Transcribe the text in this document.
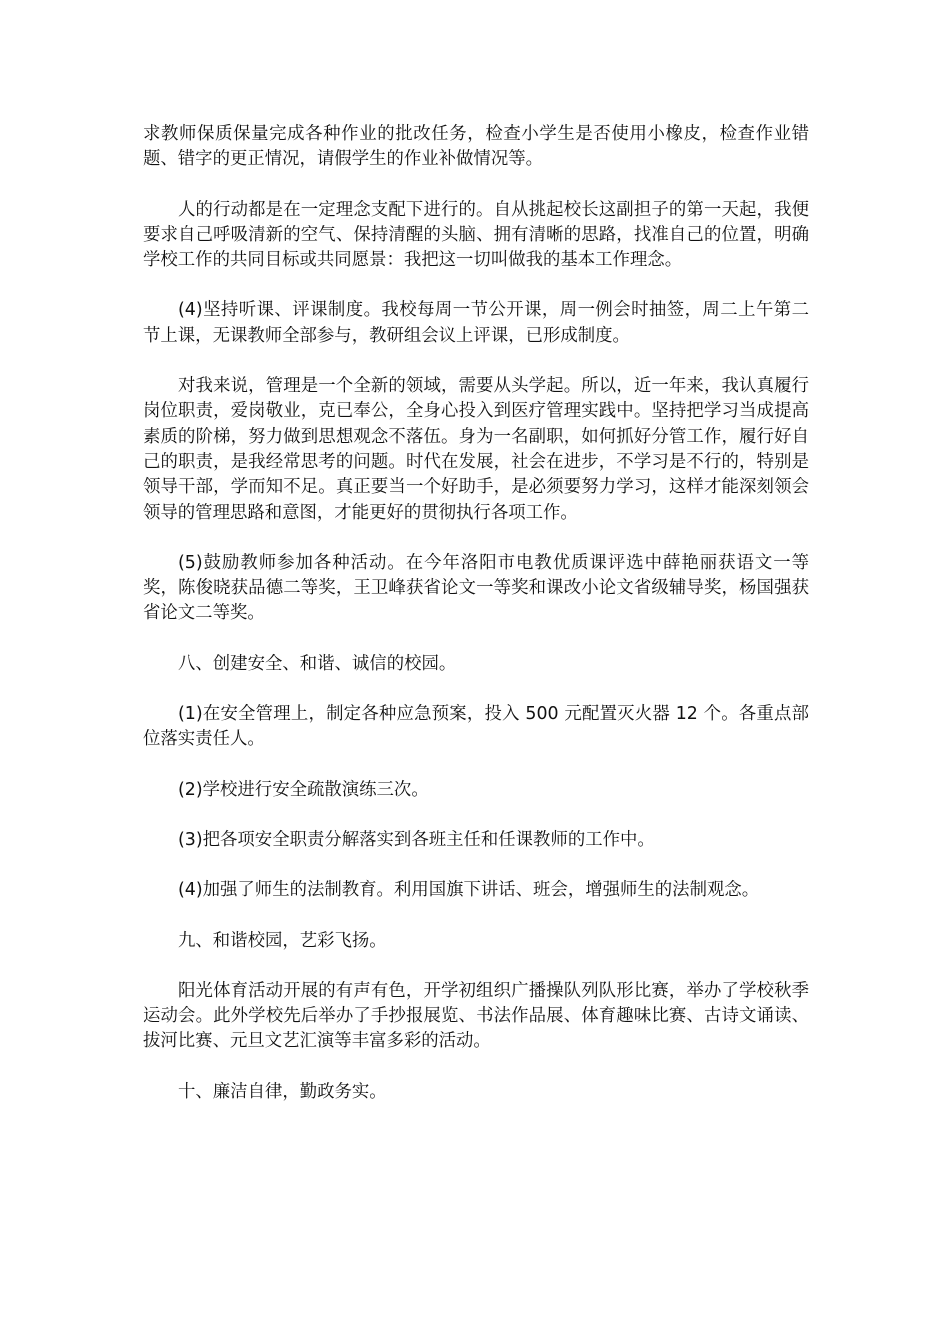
求教师保质保量完成各种作业的批改任务，检查小学生是否使用小橡皮，检查作业错题、错字的更正情况，请假学生的作业补做情况等。

人的行动都是在一定理念支配下进行的。自从挑起校长这副担子的第一天起，我便要求自己呼吸清新的空气、保持清醒的头脑、拥有清晰的思路，找准自己的位置，明确学校工作的共同目标或共同愿景：我把这一切叫做我的基本工作理念。

(4)坚持听课、评课制度。我校每周一节公开课，周一例会时抽签，周二上午第二节上课，无课教师全部参与，教研组会议上评课，已形成制度。

对我来说，管理是一个全新的领域，需要从头学起。所以，近一年来，我认真履行岗位职责，爱岗敬业，克已奉公，全身心投入到医疗管理实践中。坚持把学习当成提高素质的阶梯，努力做到思想观念不落伍。身为一名副职，如何抓好分管工作，履行好自己的职责，是我经常思考的问题。时代在发展，社会在进步，不学习是不行的，特别是领导干部，学而知不足。真正要当一个好助手，是必须要努力学习，这样才能深刻领会领导的管理思路和意图，才能更好的贯彻执行各项工作。

(5)鼓励教师参加各种活动。在今年洛阳市电教优质课评选中薛艳丽获语文一等奖，陈俊晓获品德二等奖，王卫峰获省论文一等奖和课改小论文省级辅导奖，杨国强获省论文二等奖。

八、创建安全、和谐、诚信的校园。

(1)在安全管理上，制定各种应急预案，投入 500 元配置灭火器 12 个。各重点部位落实责任人。

(2)学校进行安全疏散演练三次。

(3)把各项安全职责分解落实到各班主任和任课教师的工作中。

(4)加强了师生的法制教育。利用国旗下讲话、班会，增强师生的法制观念。

九、和谐校园，艺彩飞扬。

阳光体育活动开展的有声有色，开学初组织广播操队列队形比赛，举办了学校秋季运动会。此外学校先后举办了手抄报展览、书法作品展、体育趣味比赛、古诗文诵读、拔河比赛、元旦文艺汇演等丰富多彩的活动。

十、廉洁自律，勤政务实。
